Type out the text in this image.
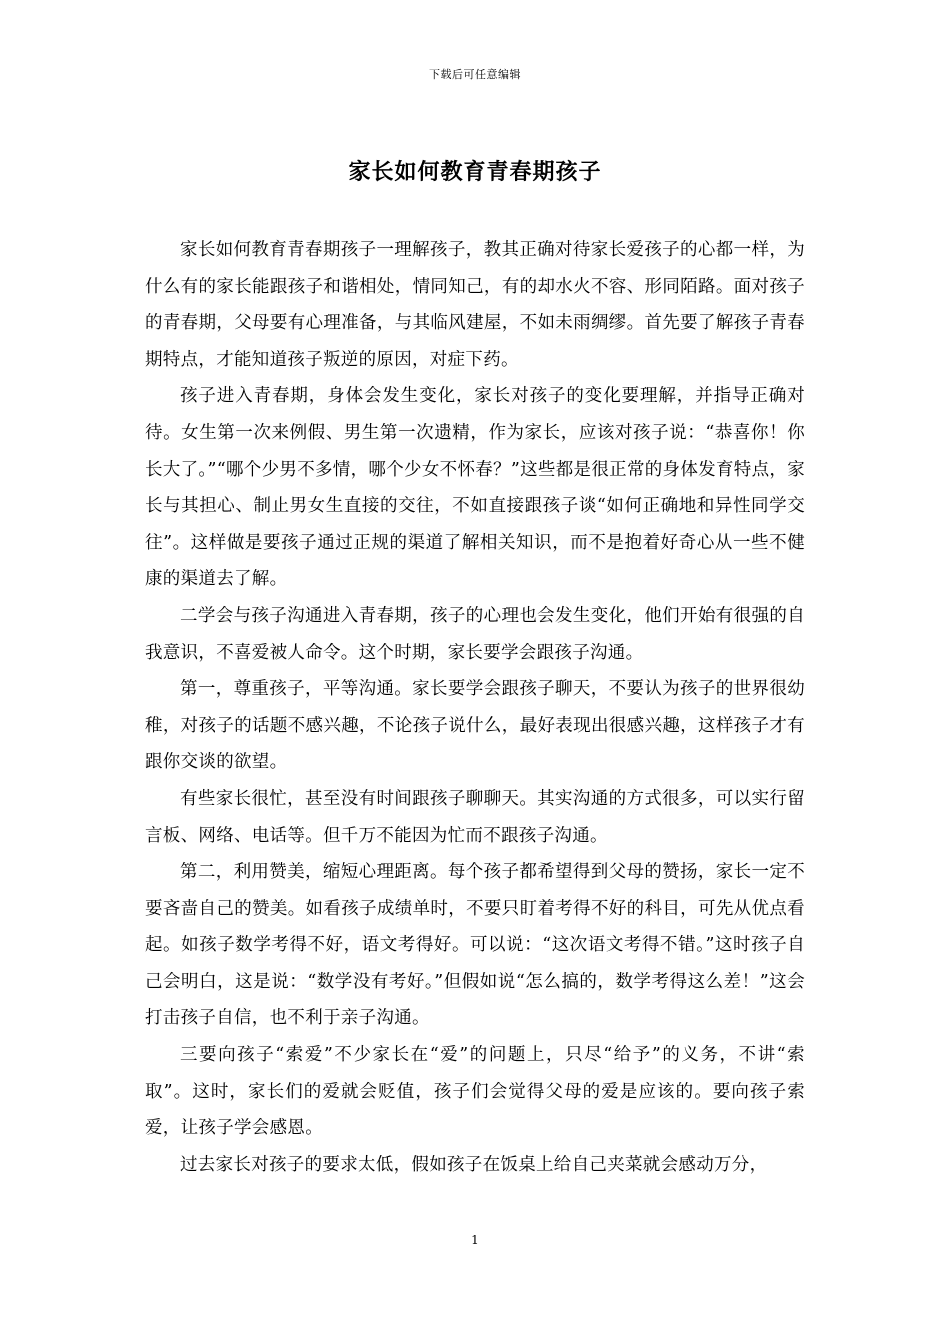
下载后可任意编辑
家长如何教育青春期孩子

家长如何教育青春期孩子一理解孩子，教其正确对待家长爱孩子的心都一样，为什么有的家长能跟孩子和谐相处，情同知己，有的却水火不容、形同陌路。面对孩子的青春期，父母要有心理准备，与其临风建屋，不如未雨绸缪。首先要了解孩子青春期特点，才能知道孩子叛逆的原因，对症下药。

孩子进入青春期，身体会发生变化，家长对孩子的变化要理解，并指导正确对待。女生第一次来例假、男生第一次遗精，作为家长，应该对孩子说：“恭喜你！你长大了。”“哪个少男不多情，哪个少女不怀春？”这些都是很正常的身体发育特点，家长与其担心、制止男女生直接的交往，不如直接跟孩子谈“如何正确地和异性同学交往”。这样做是要孩子通过正规的渠道了解相关知识，而不是抱着好奇心从一些不健康的渠道去了解。

二学会与孩子沟通进入青春期，孩子的心理也会发生变化，他们开始有很强的自我意识，不喜爱被人命令。这个时期，家长要学会跟孩子沟通。

第一，尊重孩子，平等沟通。家长要学会跟孩子聊天，不要认为孩子的世界很幼稚，对孩子的话题不感兴趣，不论孩子说什么，最好表现出很感兴趣，这样孩子才有跟你交谈的欲望。

有些家长很忙，甚至没有时间跟孩子聊聊天。其实沟通的方式很多，可以实行留言板、网络、电话等。但千万不能因为忙而不跟孩子沟通。

第二，利用赞美，缩短心理距离。每个孩子都希望得到父母的赞扬，家长一定不要吝啬自己的赞美。如看孩子成绩单时，不要只盯着考得不好的科目，可先从优点看起。如孩子数学考得不好，语文考得好。可以说：“这次语文考得不错。”这时孩子自己会明白，这是说：“数学没有考好。”但假如说“怎么搞的，数学考得这么差！”这会打击孩子自信，也不利于亲子沟通。

三要向孩子“索爱”不少家长在“爱”的问题上，只尽“给予”的义务，不讲“索取”。这时，家长们的爱就会贬值，孩子们会觉得父母的爱是应该的。要向孩子索爱，让孩子学会感恩。

过去家长对孩子的要求太低，假如孩子在饭桌上给自己夹菜就会感动万分，

1
